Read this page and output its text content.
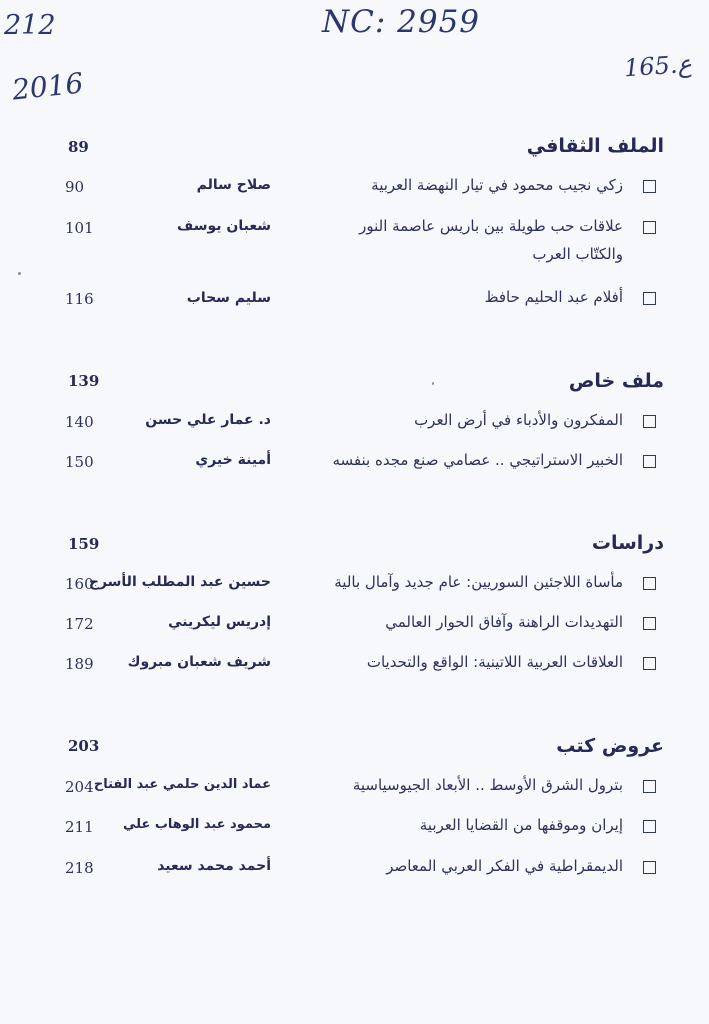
212
2016
NC: 2959
165.ع
الملف الثقافي
89
زكي نجيب محمود في تيار النهضة العربية
صلاح سالم
90
علاقات حب طويلة بين باريس عاصمة النور والكتّاب العرب
شعبان يوسف
101
أفلام عبد الحليم حافظ
سليم سحاب
116
ملف خاص
139
المفكرون والأدباء في أرض العرب
د. عمار علي حسن
140
الخبير الاستراتيجي .. عصامي صنع مجده بنفسه
أمينة خيري
150
دراسات
159
مأساة اللاجئين السوريين: عام جديد وآمال بالية
حسين عبد المطلب الأسرج
160
التهديدات الراهنة وآفاق الحوار العالمي
إدريس ليكريني
172
العلاقات العربية اللاتينية: الواقع والتحديات
شريف شعبان مبروك
189
عروض كتب
203
بترول الشرق الأوسط .. الأبعاد الجيوسياسية
عماد الدين حلمي عبد الفتاح
204
إيران وموقفها من القضايا العربية
محمود عبد الوهاب علي
211
الديمقراطية في الفكر العربي المعاصر
أحمد محمد سعيد
218
